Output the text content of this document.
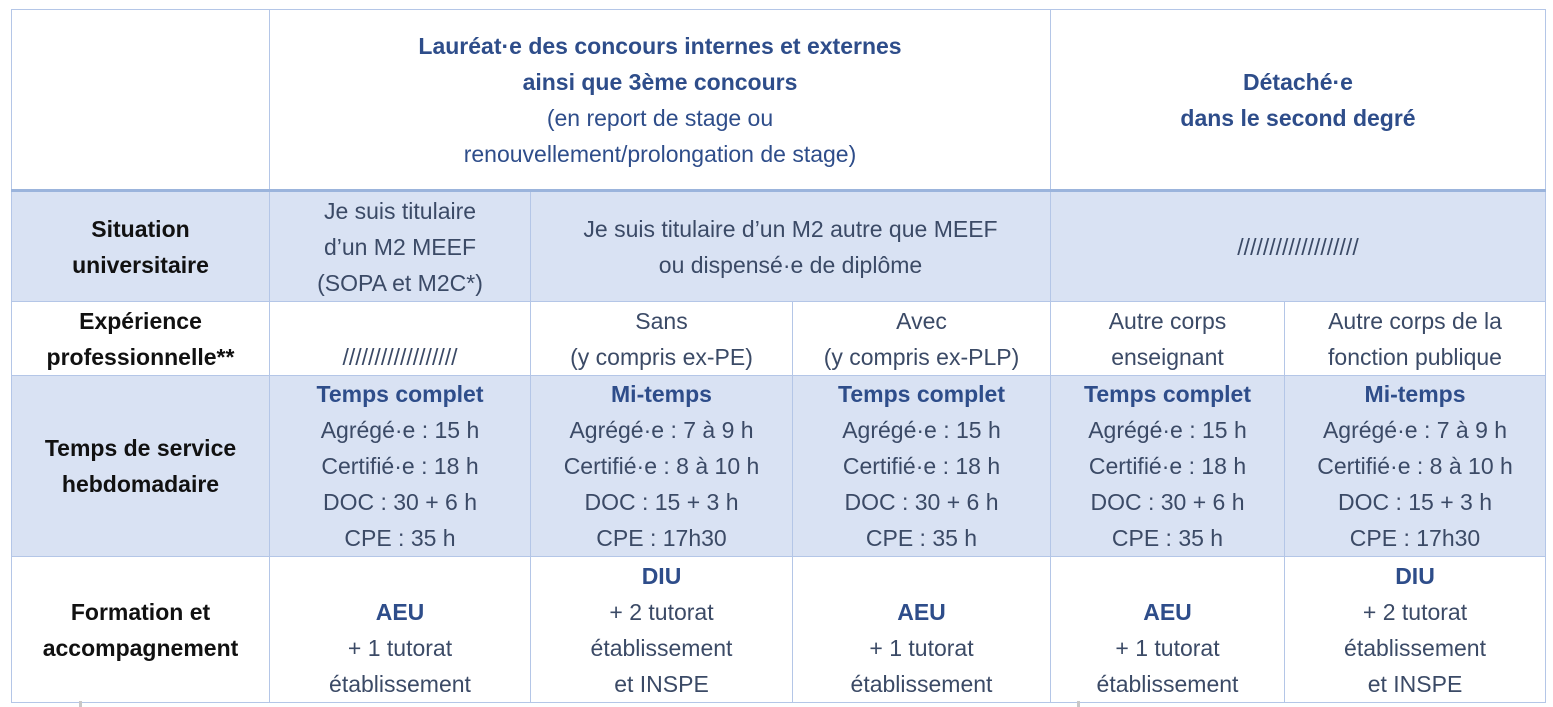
	Lauréat·e des concours internes et externes
ainsi que 3ème concours
(en report de stage ou
renouvellement/prolongation de stage)			Détaché·e
dans le second degré	

Situation
universitaire	Je suis titulaire
d’un M2 MEEF
(SOPA et M2C*)	Je suis titulaire d’un M2 autre que MEEF
ou dispensé·e de diplôme		///////////////////	

Expérience
professionnelle**	//////////////////	Sans
(y compris ex-PE)	Avec
(y compris ex-PLP)	Autre corps
enseignant	Autre corps de la
fonction publique

Temps de service
hebdomadaire	Temps complet
Agrégé·e : 15 h
Certifié·e : 18 h
DOC : 30 + 6 h
CPE : 35 h	Mi-temps
Agrégé·e : 7 à 9 h
Certifié·e : 8 à 10 h
DOC : 15 + 3 h
CPE : 17h30	Temps complet
Agrégé·e : 15 h
Certifié·e : 18 h
DOC : 30 + 6 h
CPE : 35 h	Temps complet
Agrégé·e : 15 h
Certifié·e : 18 h
DOC : 30 + 6 h
CPE : 35 h	Mi-temps
Agrégé·e : 7 à 9 h
Certifié·e : 8 à 10 h
DOC : 15 + 3 h
CPE : 17h30

Formation et
accompagnement	AEU
+ 1 tutorat
établissement	DIU
+ 2 tutorat
établissement
et INSPE	AEU
+ 1 tutorat
établissement	AEU
+ 1 tutorat
établissement	DIU
+ 2 tutorat
établissement
et INSPE
